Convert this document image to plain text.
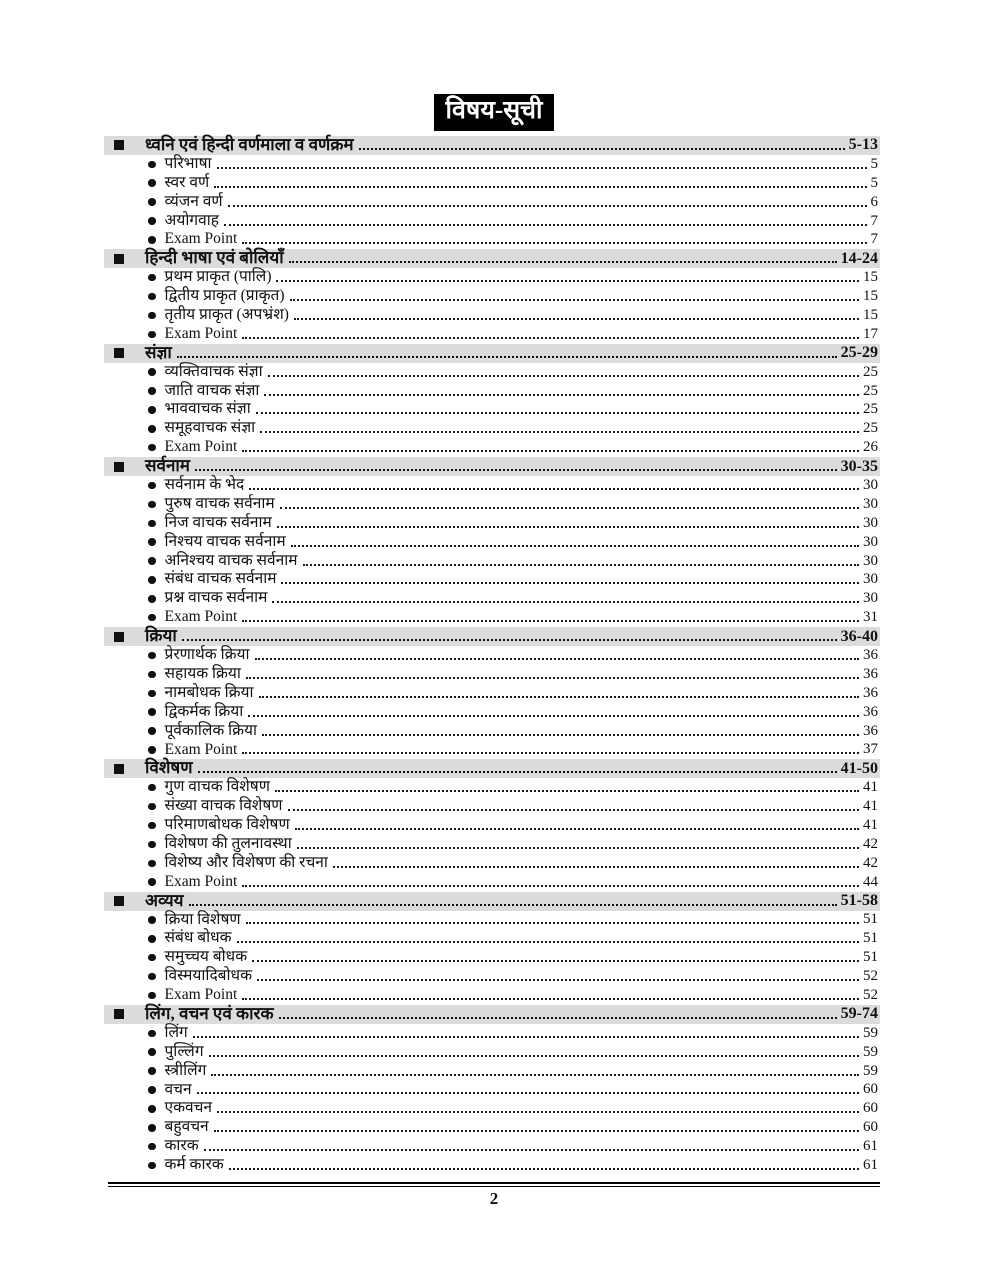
विषय-सूची
ध्वनि एवं हिन्दी वर्णमाला व वर्णक्रम	5-13
परिभाषा	5
स्वर वर्ण	5
व्यंजन वर्ण	6
अयोगवाह	7
Exam Point	7
हिन्दी भाषा एवं बोलियाँ	14-24
प्रथम प्राकृत (पालि)	15
द्वितीय प्राकृत (प्राकृत)	15
तृतीय प्राकृत (अपभ्रंश)	15
Exam Point	17
संज्ञा	25-29
व्यक्तिवाचक संज्ञा	25
जाति वाचक संज्ञा	25
भाववाचक संज्ञा	25
समूहवाचक संज्ञा	25
Exam Point	26
सर्वनाम	30-35
सर्वनाम के भेद	30
पुरुष वाचक सर्वनाम	30
निज वाचक सर्वनाम	30
निश्चय वाचक सर्वनाम	30
अनिश्चय वाचक सर्वनाम	30
संबंध वाचक सर्वनाम	30
प्रश्न वाचक सर्वनाम	30
Exam Point	31
क्रिया	36-40
प्रेरणार्थक क्रिया	36
सहायक क्रिया	36
नामबोधक क्रिया	36
द्विकर्मक क्रिया	36
पूर्वकालिक क्रिया	36
Exam Point	37
विशेषण	41-50
गुण वाचक विशेषण	41
संख्या वाचक विशेषण	41
परिमाणबोधक विशेषण	41
विशेषण की तुलनावस्था	42
विशेष्य और विशेषण की रचना	42
Exam Point	44
अव्यय	51-58
क्रिया विशेषण	51
संबंध बोधक	51
समुच्चय बोधक	51
विस्मयादिबोधक	52
Exam Point	52
लिंग, वचन एवं कारक	59-74
लिंग	59
पुल्लिंग	59
स्त्रीलिंग	59
वचन	60
एकवचन	60
बहुवचन	60
कारक	61
कर्म कारक	61
2
